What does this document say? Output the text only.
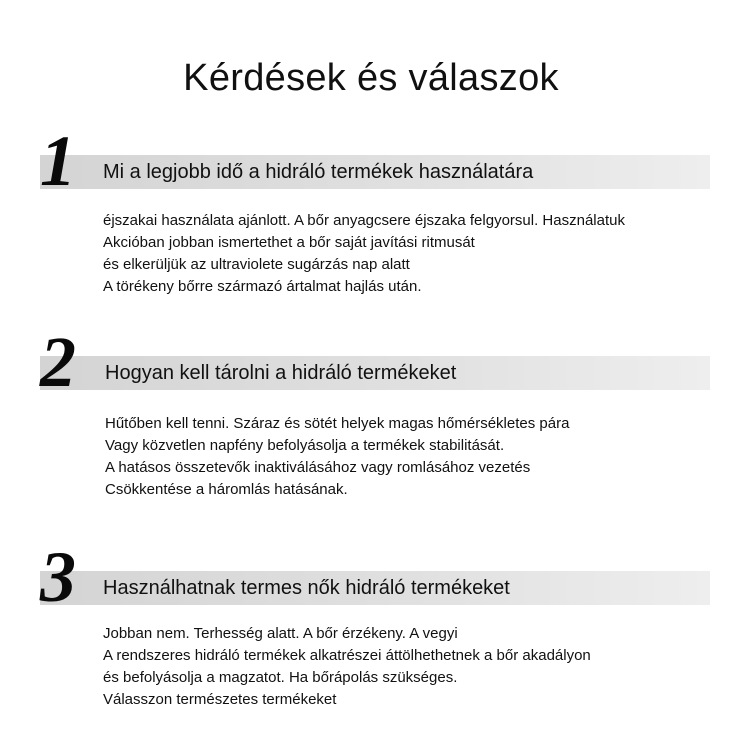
Kérdések és válaszok
1 Mi a legjobb idő a hidráló termékek használatára
éjszakai használata ajánlott. A bőr anyagcsere éjszaka felgyorsul. Használatuk
Akcióban jobban ismertethet a bőr saját javítási ritmusát
és elkerüljük az ultraviolete sugárzás nap alatt
A törékeny bőrre származó ártalmat hajlás után.
2 Hogyan kell tárolni a hidráló termékeket
Hűtőben kell tenni. Száraz és sötét helyek magas hőmérsékletes pára
Vagy közvetlen napfény befolyásolja a termékek stabilitását.
A hatásos összetevők inaktiválásához vagy romlásához vezetés
Csökkentése a háromlás hatásának.
3 Használhatnak termes nők hidráló termékeket
Jobban nem. Terhesség alatt. A bőr érzékeny. A vegyi
A rendszeres hidráló termékek alkatrészei áttölhethetnek a bőr akadályon
és befolyásolja a magzatot. Ha bőrápolás szükséges.
Válasszon természetes termékeket
